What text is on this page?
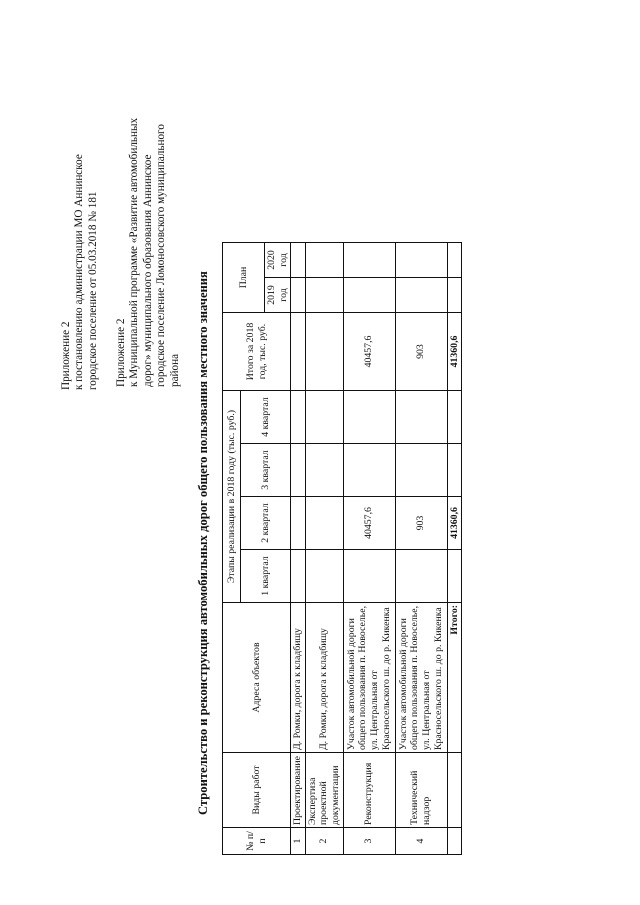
Приложение 2 к постановлению администрации МО Аннинское городское поселение от 05.03.2018 № 181 Приложение 2 к Муниципальной программе «Развитие автомобильных дорог» муниципального образования Аннинское городское поселение Ломоносовского муниципального района Строительство и реконструкция автомобильных дорог общего пользования местного значения
№ п/п	Виды работ	Адреса объектов	Этапы реализации в 2018 году (тыс. руб.)				Итого за 2018 год, тыс. руб.	План	
			1 квартал	2 квартал	3 квартал	4 квартал			
								2019 год	2020 год
1	Проектирование	Д. Ромки, дорога к кладбищу							
2	Экспертиза проектной документации	Д. Ромки, дорога к кладбищу							
3	Реконструкция	Участок автомобильной дороги общего пользования п. Новоселье, ул. Центральная от Красносельского ш. до р. Кикенка		40457,6			40457,6		
4	Технический надзор	Участок автомобильной дороги общего пользования п. Новоселье, ул. Центральная от Красносельского ш. до р. Кикенка		903			903		
		Итого:		41360,6			41360,6		
